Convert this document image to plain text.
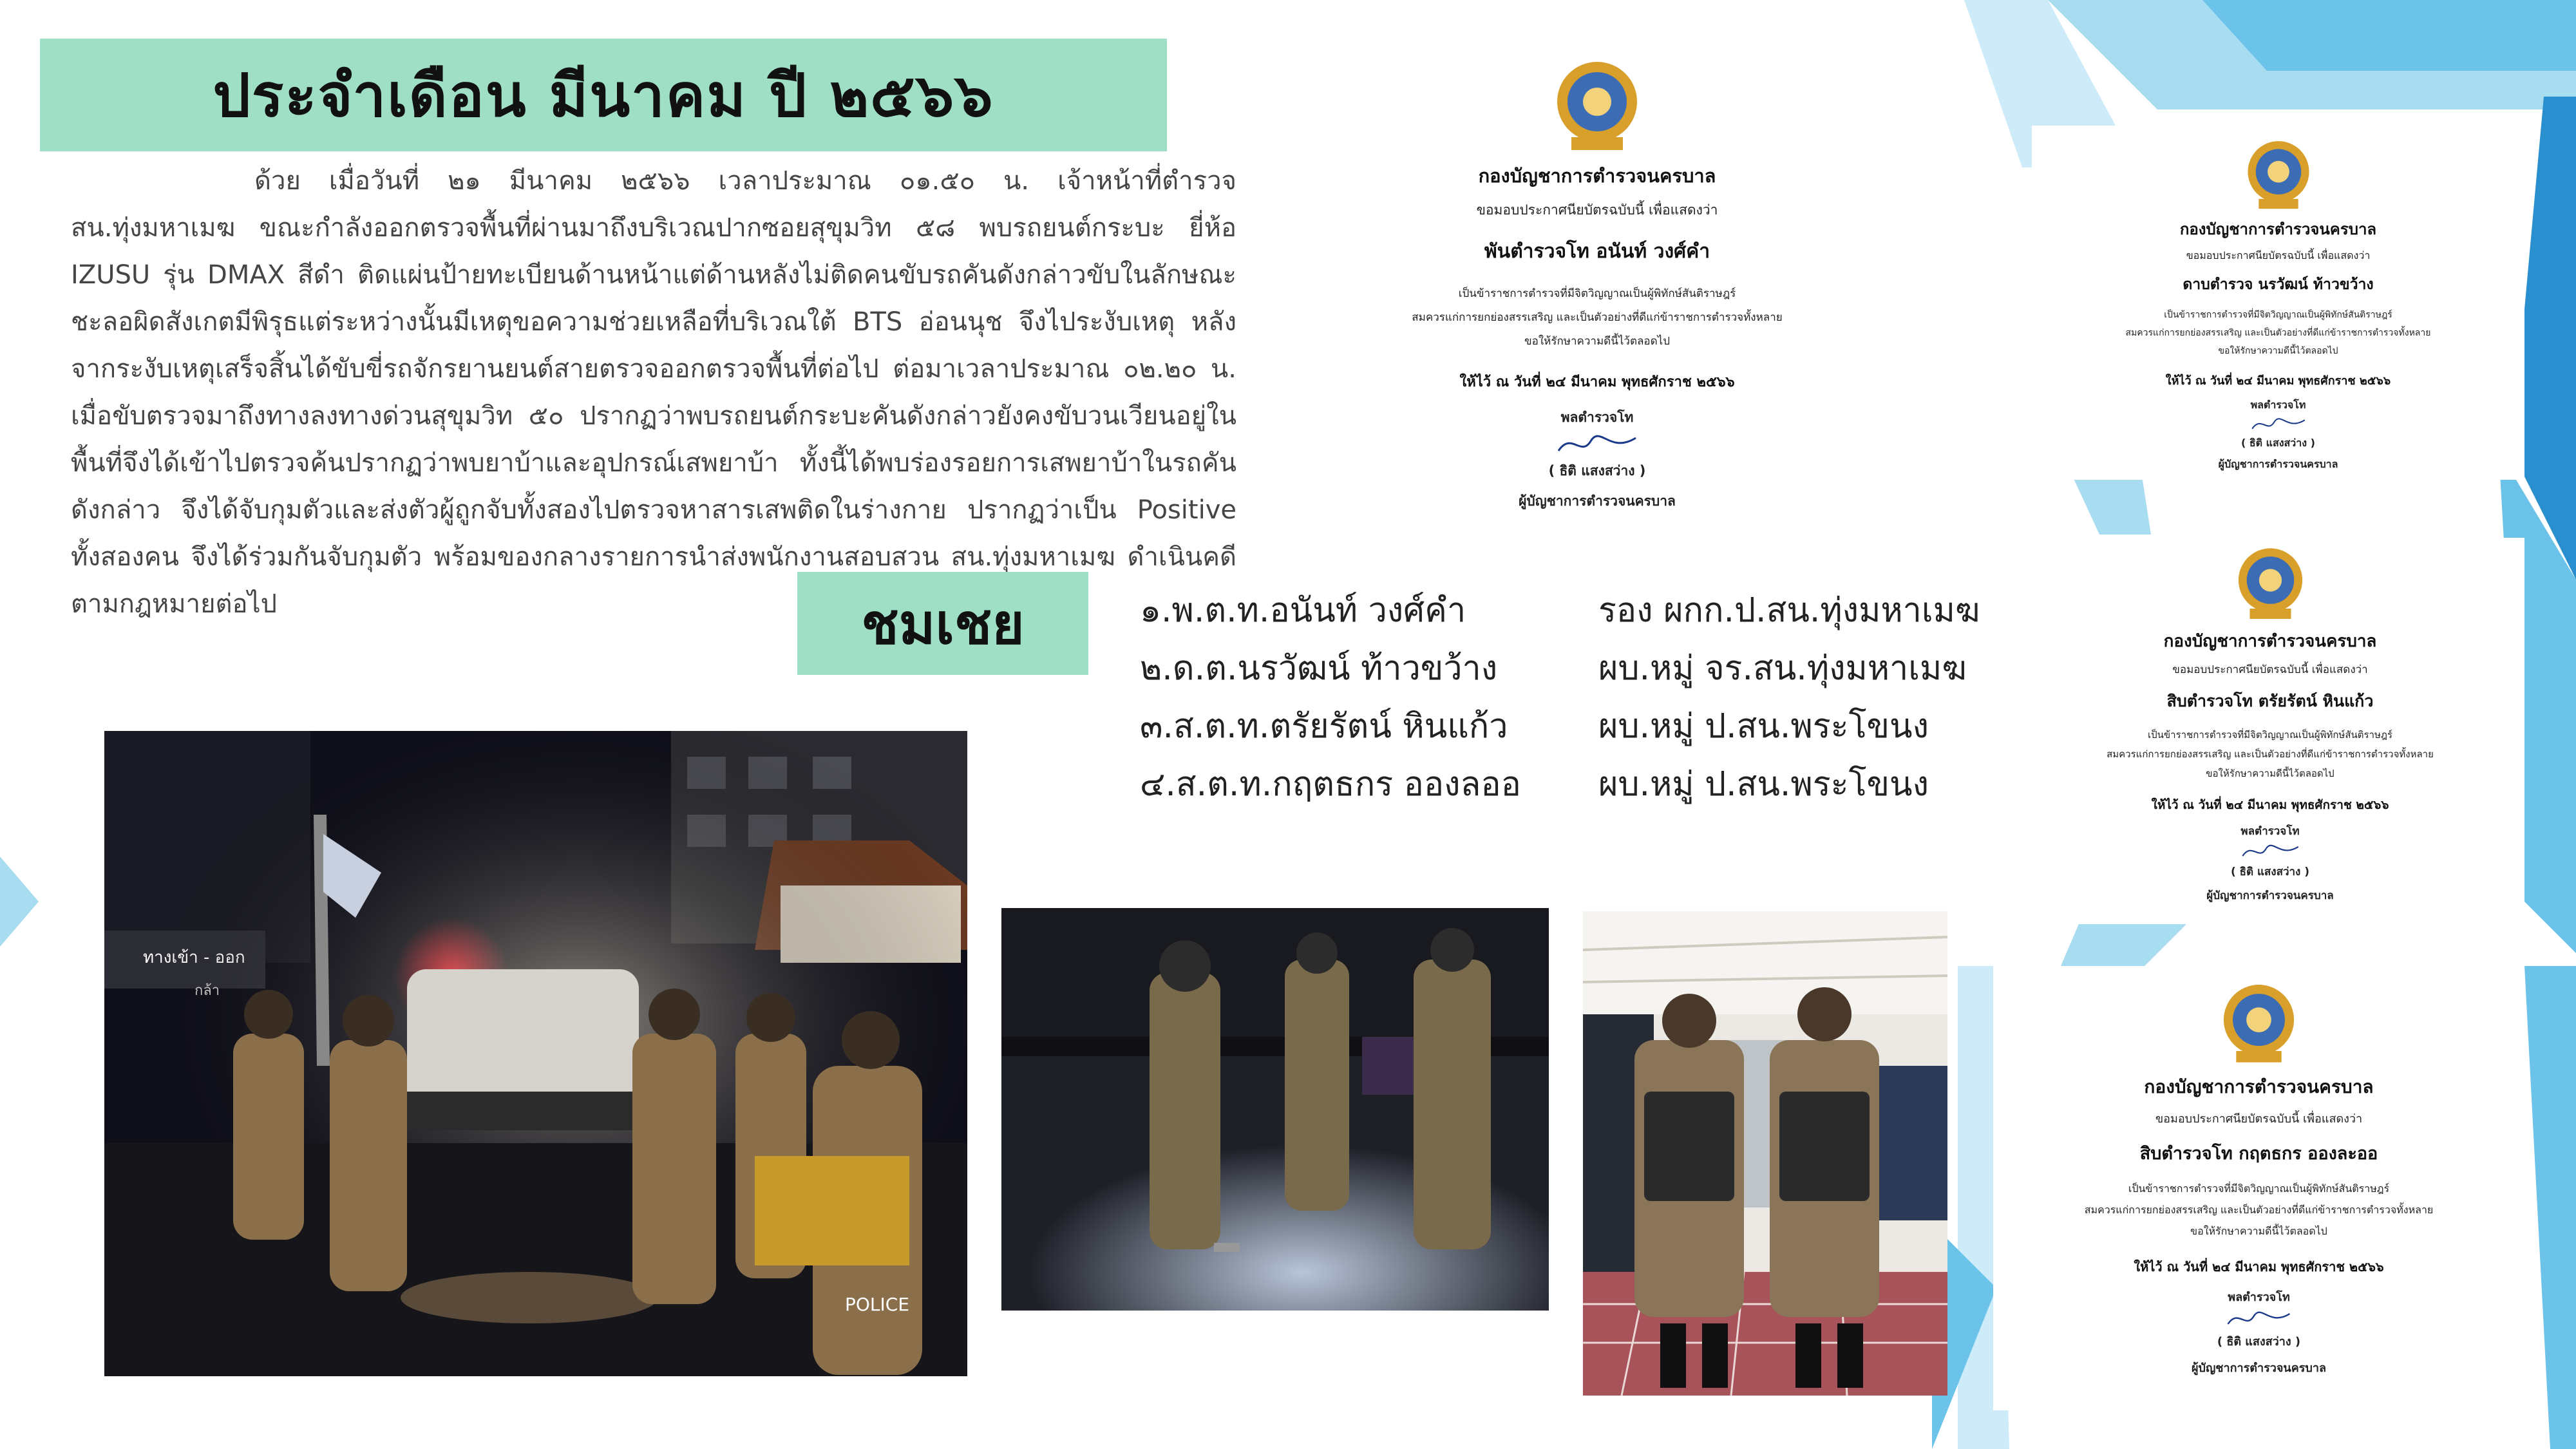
ประจำเดือน มีนาคม ปี ๒๕๖๖
ด้วย เมื่อวันที่ ๒๑ มีนาคม ๒๕๖๖ เวลาประมาณ ๐๑.๕๐ น. เจ้าหน้าที่ตำรวจ สน.ทุ่งมหาเมฆ ขณะกำลังออกตรวจพื้นที่ผ่านมาถึงบริเวณปากซอยสุขุมวิท ๕๘ พบรถยนต์กระบะ ยี่ห้อ IZUSU รุ่น DMAX สีดำ ติดแผ่นป้ายทะเบียนด้านหน้าแต่ด้านหลังไม่ติดคนขับรถคันดังกล่าวขับในลักษณะชะลอผิดสังเกตมีพิรุธแต่ระหว่างนั้นมีเหตุขอความช่วยเหลือที่บริเวณใต้ BTS อ่อนนุช จึงไประงับเหตุ หลังจากระงับเหตุเสร็จสิ้นได้ขับขี่รถจักรยานยนต์สายตรวจออกตรวจพื้นที่ต่อไป ต่อมาเวลาประมาณ ๐๒.๒๐ น. เมื่อขับตรวจมาถึงทางลงทางด่วนสุขุมวิท ๕๐ ปรากฏว่าพบรถยนต์กระบะคันดังกล่าวยังคงขับวนเวียนอยู่ในพื้นที่จึงได้เข้าไปตรวจค้นปรากฏว่าพบยาบ้าและอุปกรณ์เสพยาบ้า ทั้งนี้ได้พบร่องรอยการเสพยาบ้าในรถคันดังกล่าว จึงได้จับกุมตัวและส่งตัวผู้ถูกจับทั้งสองไปตรวจหาสารเสพติดในร่างกาย ปรากฏว่าเป็น Positive ทั้งสองคน จึงได้ร่วมกันจับกุมตัว พร้อมของกลางรายการนำส่งพนักงานสอบสวน สน.ทุ่งมหาเมฆ ดำเนินคดีตามกฎหมายต่อไป	ชมเชย	๑.พ.ต.ท.อนันท์ วงศ์คำ	รอง ผกก.ป.สน.ทุ่งมหาเมฆ
๒.ด.ต.นรวัฒน์ ท้าวขว้าง	ผบ.หมู่ จร.สน.ทุ่งมหาเมฆ
๓.ส.ต.ท.ตรัยรัตน์ หินแก้ว	ผบ.หมู่ ป.สน.พระโขนง
๔.ส.ต.ท.กฤตธกร อองลออ ผบ.หมู่ ป.สน.พระโขนง
POLICE
กองบัญชาการตำรวจนครบาล
ขอมอบประกาศนียบัตรฉบับนี้ เพื่อแสดงว่า
พันตำรวจโท อนันท์ วงศ์คำ
เป็นข้าราชการตำรวจที่มีจิตวิญญาณเป็นผู้พิทักษ์สันติราษฎร์
สมควรแก่การยกย่องสรรเสริญ และเป็นตัวอย่างที่ดีแก่ข้าราชการตำรวจทั้งหลาย
ขอให้รักษาความดีนี้ไว้ตลอดไป
ให้ไว้ ณ วันที่ ๒๔ มีนาคม พุทธศักราช ๒๕๖๖
พลตำรวจโท
( ธิติ แสงสว่าง )
ผู้บัญชาการตำรวจนครบาล
กองบัญชาการตำรวจนครบาล
ขอมอบประกาศนียบัตรฉบับนี้ เพื่อแสดงว่า
ดาบตำรวจ นรวัฒน์ ท้าวขว้าง
เป็นข้าราชการตำรวจที่มีจิตวิญญาณเป็นผู้พิทักษ์สันติราษฎร์
สมควรแก่การยกย่องสรรเสริญ และเป็นตัวอย่างที่ดีแก่ข้าราชการตำรวจทั้งหลาย
ขอให้รักษาความดีนี้ไว้ตลอดไป
ให้ไว้ ณ วันที่ ๒๔ มีนาคม พุทธศักราช ๒๕๖๖
พลตำรวจโท
( ธิติ แสงสว่าง )
ผู้บัญชาการตำรวจนครบาล
กองบัญชาการตำรวจนครบาล
ขอมอบประกาศนียบัตรฉบับนี้ เพื่อแสดงว่า
สิบตำรวจโท ตรัยรัตน์ หินแก้ว
เป็นข้าราชการตำรวจที่มีจิตวิญญาณเป็นผู้พิทักษ์สันติราษฎร์
สมควรแก่การยกย่องสรรเสริญ และเป็นตัวอย่างที่ดีแก่ข้าราชการตำรวจทั้งหลาย
ขอให้รักษาความดีนี้ไว้ตลอดไป
ให้ไว้ ณ วันที่ ๒๔ มีนาคม พุทธศักราช ๒๕๖๖
พลตำรวจโท
( ธิติ แสงสว่าง )
ผู้บัญชาการตำรวจนครบาล
กองบัญชาการตำรวจนครบาล
ขอมอบประกาศนียบัตรฉบับนี้ เพื่อแสดงว่า
สิบตำรวจโท กฤตธกร อองละออ
เป็นข้าราชการตำรวจที่มีจิตวิญญาณเป็นผู้พิทักษ์สันติราษฎร์
สมควรแก่การยกย่องสรรเสริญ และเป็นตัวอย่างที่ดีแก่ข้าราชการตำรวจทั้งหลาย
ขอให้รักษาความดีนี้ไว้ตลอดไป
ให้ไว้ ณ วันที่ ๒๔ มีนาคม พุทธศักราช ๒๕๖๖
พลตำรวจโท
( ธิติ แสงสว่าง )
ผู้บัญชาการตำรวจนครบาล
